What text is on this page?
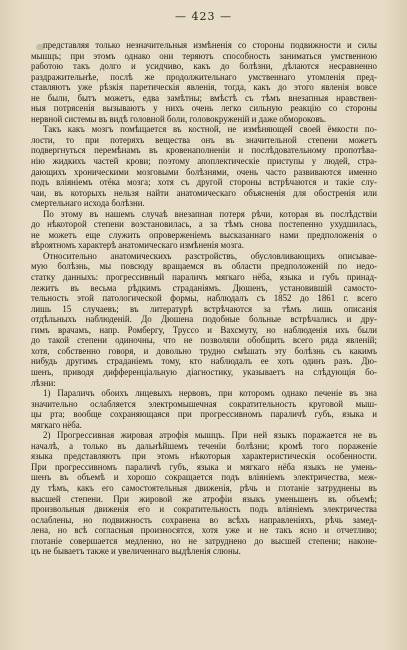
— 423 —
представляя только незначительныя измѣненія со стороны подвижности и силы
мышцъ; при этомъ однако они теряютъ способность заниматься умственною
работою такъ долго и усидчиво, какъ до болѣзни, дѣлаются несравненно
раздражительнѣе, послѣ же продолжительнаго умственнаго утомленія пред-
ставляютъ уже рѣзкія паретическія явленія, тогда, какъ до этого явленія вовсе
не были, бытъ можетъ, едва замѣтны; вмѣстѣ съ тѣмъ внезапныя нравствен-
ныя потрясенія вызываютъ у нихъ очень легко сильную реакцію со стороны
нервной системы въ видѣ головной боли, головокруженій и даже обмороковъ.
Такъ какъ мозгъ помѣщается въ костной, не измѣняющей своей ёмкости по-
лости, то при потеряхъ вещества онъ въ значительной степени можетъ
подвергнуться перемѣнамъ въ кровенаполненіи и послѣдовательному пропотѣва-
нію жидкихъ частей крови; поэтому апоплектическіе приступы у людей, стра-
дающихъ хроническими мозговыми болѣзнями, очень часто развиваются именно
подъ вліяніемъ отёка мозга; хотя съ другой стороны встрѣчаются и такіе слу-
чаи, въ которыхъ нельзя найти анатомическаго объясненія для обостренія или
смертельнаго исхода болѣзни.
По этому въ нашемъ случаѣ внезапная потеря рѣчи, которая въ послѣдствіи
до нѣкоторой степени возстановилась, а за тѣмъ снова постепенно ухудшилась,
не можетъ еще служить опроверженіемъ высказаннаго нами предположенія о
вѣроятномъ характерѣ анатомическаго измѣненія мозга.
Относительно анатомическихъ разстройствъ, обусловливающихъ описывае-
мую болѣзнь, мы повсюду вращаемся въ области предположеній по недо-
статку данныхъ: прогрессивный параличъ мягкаго нёба, языка и губъ принад-
лежитъ въ весьма рѣдкимъ страданіямъ. Дюшенъ, установившій самосто-
тельность этой патологической формы, наблюдалъ съ 1852 до 1861 г. всего
лишь 15 случаевъ; въ литературѣ встрѣчаются за тѣмъ лишь описанія
отдѣльныхъ наблюденій. До Дюшена подобные больные встрѣчались и дру-
гимъ врачамъ, напр. Ромбергу, Труссо и Вахсмуту, но наблюденія ихъ были
до такой степени одиночны, что не позволяли обобщить всего ряда явленій;
хотя, собственно говоря, и довольно трудно смѣшать эту болѣзнь съ какимъ
нибудь другимъ страданіемъ тому, кто наблюдалъ ее хоть одинъ разъ. Дю-
шенъ, приводя дифференціальную діагностику, указываетъ на слѣдующія бо-
лѣзни:
1) Параличъ обоихъ лицевыхъ нервовъ, при которомъ однако печеніе въ зна
значительно ослабляется электромышечная сократительность круговой мыш-
цы рта; вообще сохраняющаяся при прогрессивномъ параличѣ губъ, языка и
мягкаго нёба.
2) Прогрессивная жировая атрофія мышцъ. При ней языкъ поражается не въ
началѣ, а только въ дальнѣйшемъ теченіи болѣзни; кромѣ того пораженіе
языка представляютъ при этомъ нѣкоторыя характеристическія особенности.
При прогрессивномъ параличѣ губъ, языка и мягкаго нёба языкъ не умень-
шенъ въ объемѣ и хорошо сокращается подъ вліяніемъ электричества, меж-
ду тѣмъ, какъ его самостоятельныя движенія, рѣчь и глотаніе затруднены въ
высшей степени. При жировой же атрофіи языкъ уменьшенъ въ объемѣ;
произвольныя движенія его и сократительность подъ вліяніемъ электричества
ослаблены, но подвижность сохранена во всѣхъ направленіяхъ, рѣчь замед-
лена, но всѣ согласныя произносятся, хотя уже и не такъ ясно и отчетливо;
глотаніе совершается медленно, но не затруднено до высшей степени; наконе-
цъ не бываетъ также и увеличеннаго выдѣленія слюны.
